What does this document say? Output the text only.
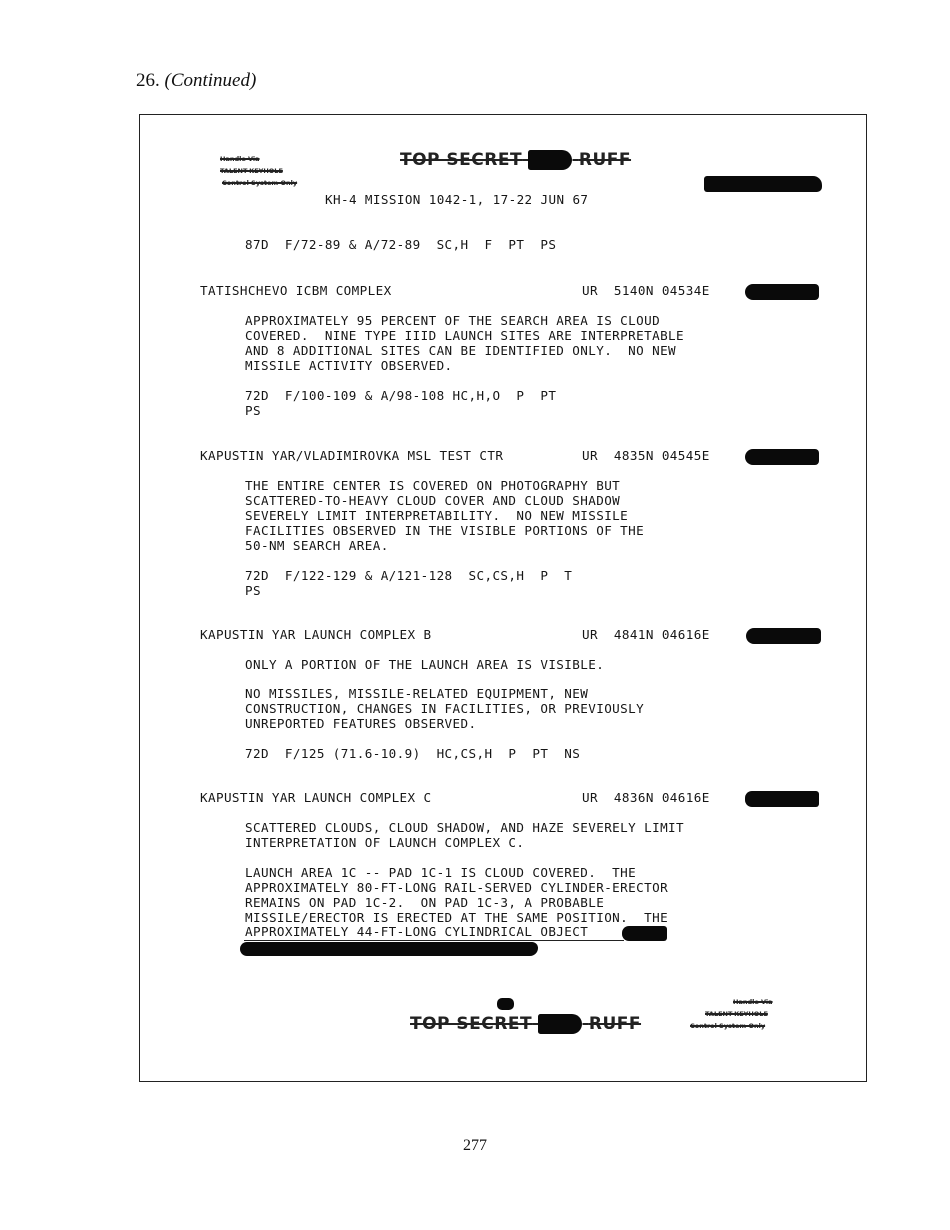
26. (Continued)
Handle Via
TALENT-KEYHOLE
Control System Only
TOP SECRET	RUFF
KH-4 MISSION 1042-1, 17-22 JUN 67
87D  F/72-89 & A/72-89  SC,H  F  PT  PS
TATISHCHEVO ICBM COMPLEX	UR  5140N 04534E
APPROXIMATELY 95 PERCENT OF THE SEARCH AREA IS CLOUD
COVERED.  NINE TYPE IIID LAUNCH SITES ARE INTERPRETABLE
AND 8 ADDITIONAL SITES CAN BE IDENTIFIED ONLY.  NO NEW
MISSILE ACTIVITY OBSERVED.
72D  F/100-109 & A/98-108 HC,H,O  P  PT
PS
KAPUSTIN YAR/VLADIMIROVKA MSL TEST CTR	UR  4835N 04545E
THE ENTIRE CENTER IS COVERED ON PHOTOGRAPHY BUT
SCATTERED-TO-HEAVY CLOUD COVER AND CLOUD SHADOW
SEVERELY LIMIT INTERPRETABILITY.  NO NEW MISSILE
FACILITIES OBSERVED IN THE VISIBLE PORTIONS OF THE
50-NM SEARCH AREA.
72D  F/122-129 & A/121-128  SC,CS,H  P  T
PS
KAPUSTIN YAR LAUNCH COMPLEX B	UR  4841N 04616E
ONLY A PORTION OF THE LAUNCH AREA IS VISIBLE.
NO MISSILES, MISSILE-RELATED EQUIPMENT, NEW
CONSTRUCTION, CHANGES IN FACILITIES, OR PREVIOUSLY
UNREPORTED FEATURES OBSERVED.
72D  F/125 (71.6-10.9)  HC,CS,H  P  PT  NS
KAPUSTIN YAR LAUNCH COMPLEX C	UR  4836N 04616E
SCATTERED CLOUDS, CLOUD SHADOW, AND HAZE SEVERELY LIMIT
INTERPRETATION OF LAUNCH COMPLEX C.
LAUNCH AREA 1C -- PAD 1C-1 IS CLOUD COVERED.  THE
APPROXIMATELY 80-FT-LONG RAIL-SERVED CYLINDER-ERECTOR
REMAINS ON PAD 1C-2.  ON PAD 1C-3, A PROBABLE
MISSILE/ERECTOR IS ERECTED AT THE SAME POSITION.  THE
APPROXIMATELY 44-FT-LONG CYLINDRICAL OBJECT
TOP SECRET	RUFF
Handle Via
TALENT-KEYHOLE
Control System Only
277
